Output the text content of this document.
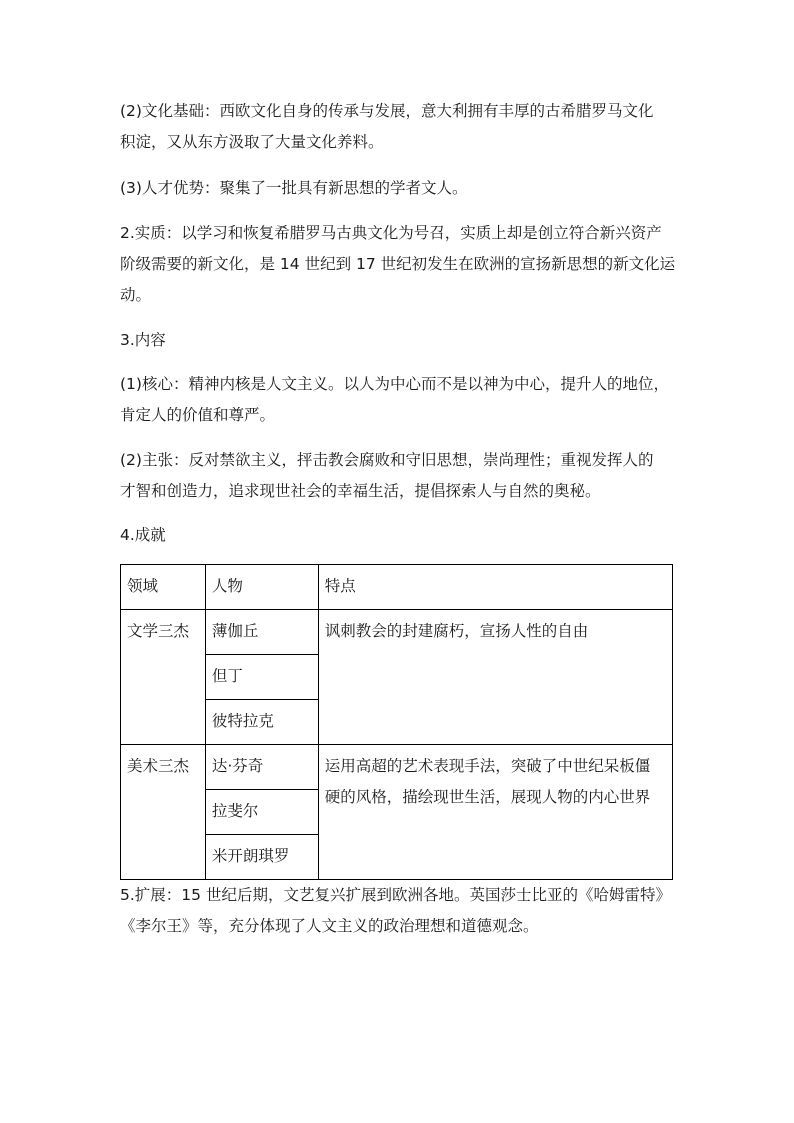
(2)文化基础：西欧文化自身的传承与发展，意大利拥有丰厚的古希腊罗马文化
积淀，又从东方汲取了大量文化养料。

(3)人才优势：聚集了一批具有新思想的学者文人。

2.实质：以学习和恢复希腊罗马古典文化为号召，实质上却是创立符合新兴资产
阶级需要的新文化，是 14 世纪到 17 世纪初发生在欧洲的宣扬新思想的新文化运
动。

3.内容

(1)核心：精神内核是人文主义。以人为中心而不是以神为中心，提升人的地位，
肯定人的价值和尊严。

(2)主张：反对禁欲主义，抨击教会腐败和守旧思想，崇尚理性；重视发挥人的
才智和创造力，追求现世社会的幸福生活，提倡探索人与自然的奥秘。

4.成就

领域	人物	特点
文学三杰	薄伽丘	讽刺教会的封建腐朽，宣扬人性的自由
	但丁	
	彼特拉克	
美术三杰	达·芬奇	运用高超的艺术表现手法，突破了中世纪呆板僵
硬的风格，描绘现世生活，展现人物的内心世界

	拉斐尔	
	米开朗琪罗	

5.扩展：15 世纪后期，文艺复兴扩展到欧洲各地。英国莎士比亚的《哈姆雷特》
《李尔王》等，充分体现了人文主义的政治理想和道德观念。
